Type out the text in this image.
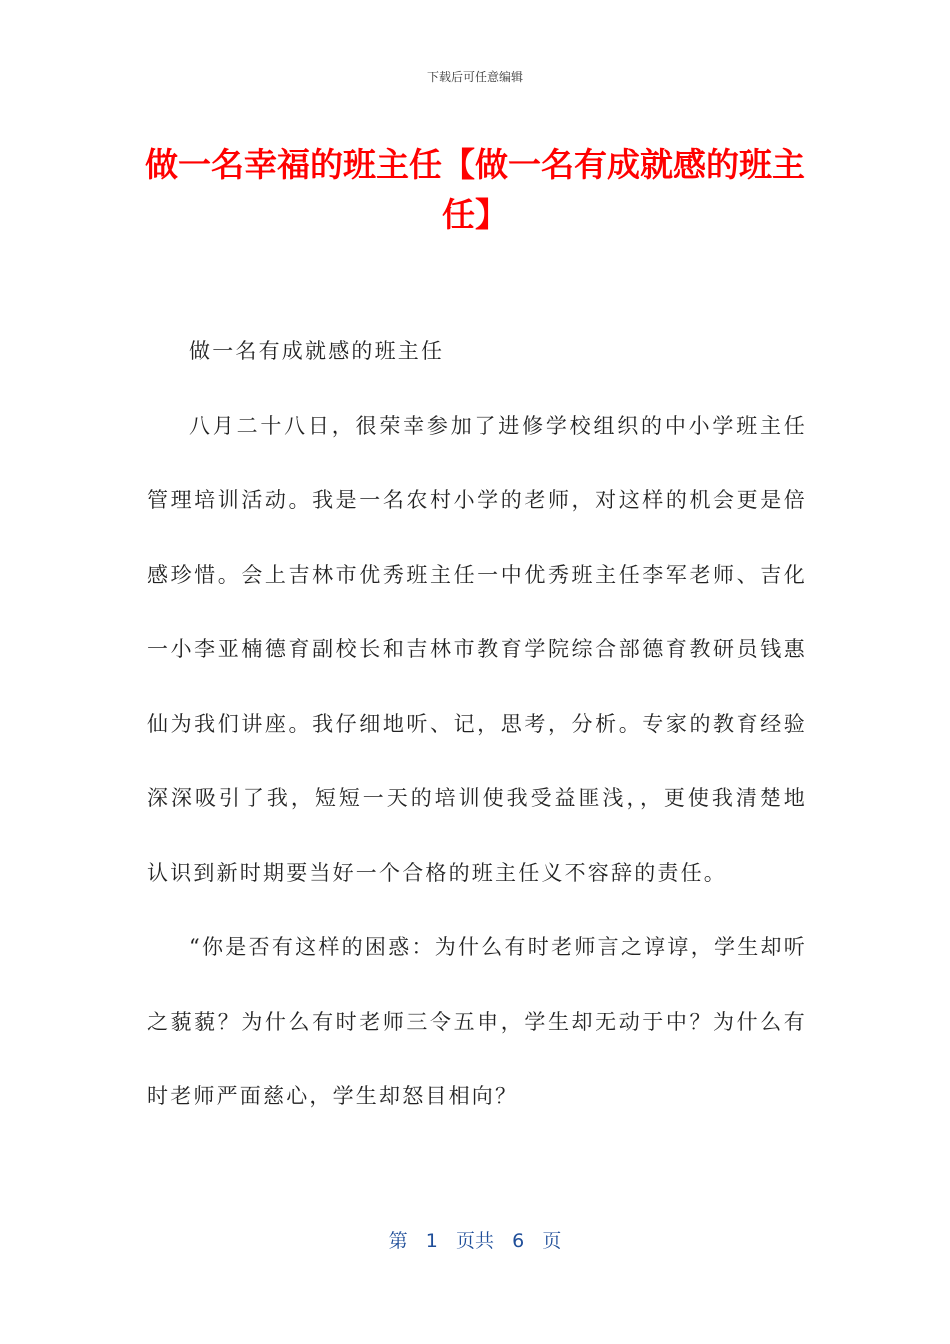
下载后可任意编辑
做一名幸福的班主任【做一名有成就感的班主任】

做一名有成就感的班主任

八月二十八日，很荣幸参加了进修学校组织的中小学班主任管理培训活动。我是一名农村小学的老师，对这样的机会更是倍感珍惜。会上吉林市优秀班主任一中优秀班主任李军老师、吉化一小李亚楠德育副校长和吉林市教育学院综合部德育教研员钱惠仙为我们讲座。我仔细地听、记，思考，分析。专家的教育经验深深吸引了我，短短一天的培训使我受益匪浅，，更使我清楚地认识到新时期要当好一个合格的班主任义不容辞的责任。

“你是否有这样的困惑：为什么有时老师言之谆谆，学生却听之藐藐？为什么有时老师三令五申，学生却无动于中？为什么有时老师严面慈心，学生却怒目相向？

第 1 页共 6 页
